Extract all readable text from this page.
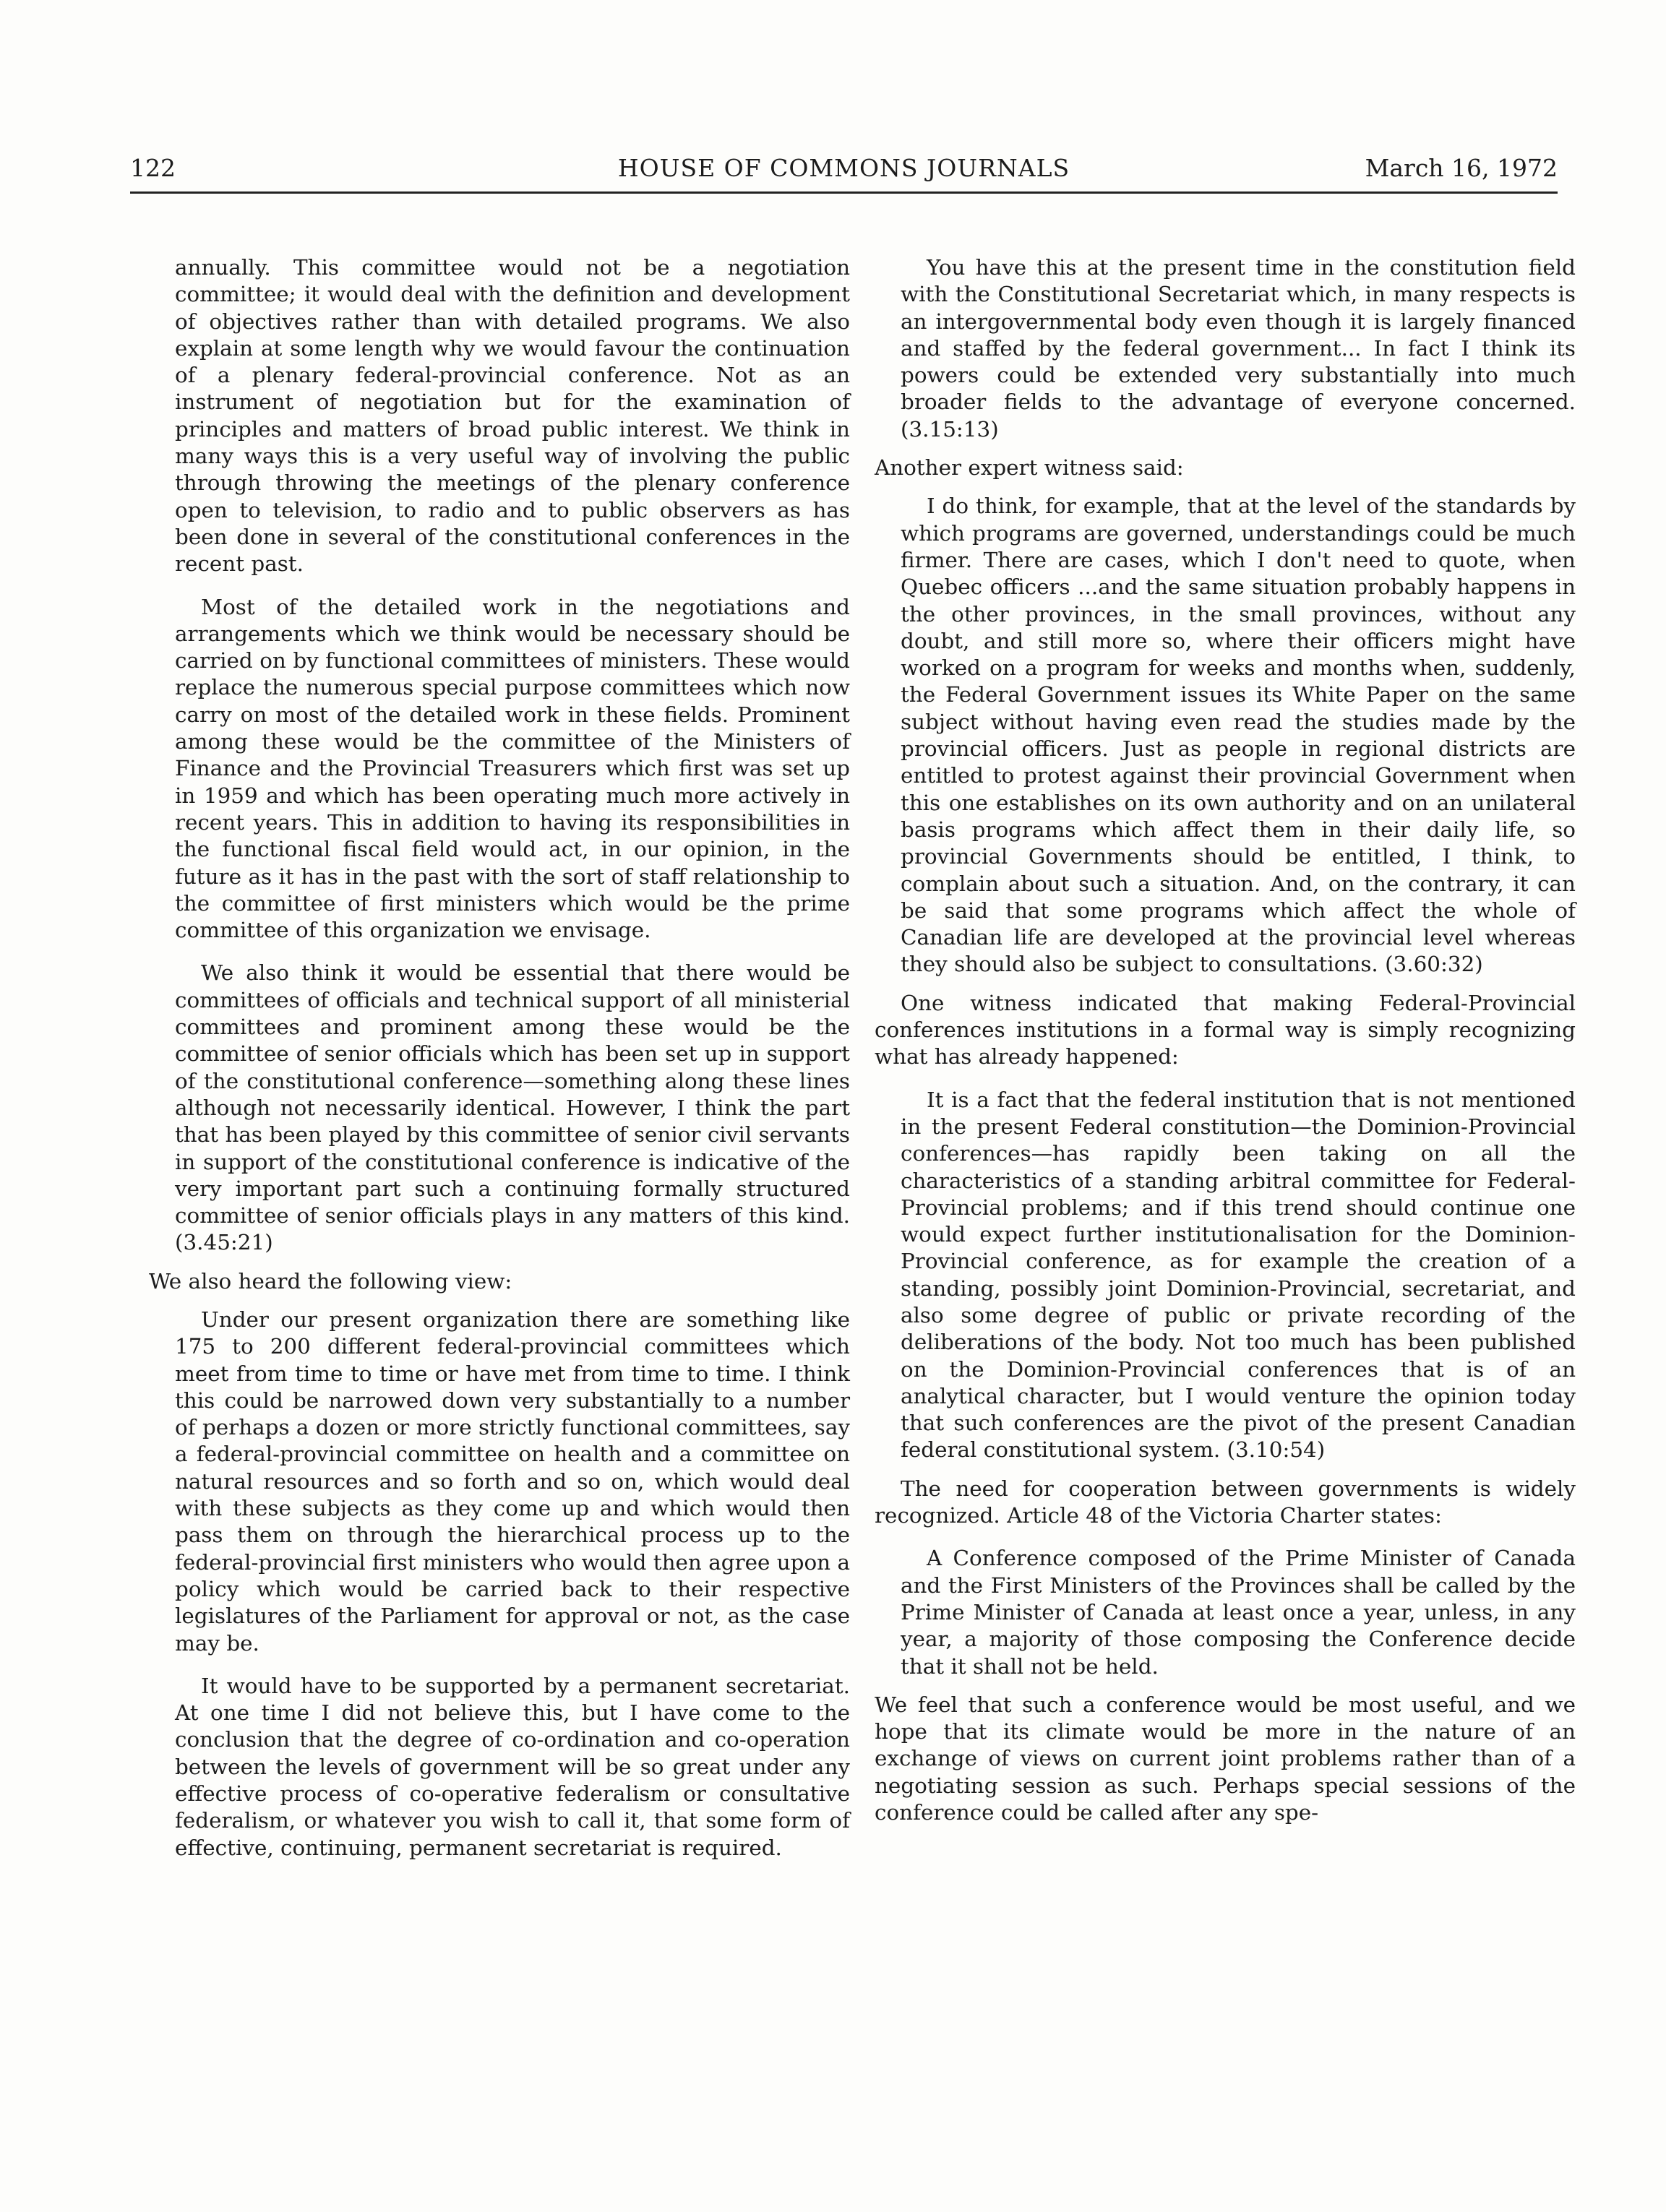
122	HOUSE OF COMMONS JOURNALS	March 16, 1972

annually. This committee would not be a negotiation committee; it would deal with the definition and development of objectives rather than with detailed programs. We also explain at some length why we would favour the continuation of a plenary federal-provincial conference. Not as an instrument of negotiation but for the examination of principles and matters of broad public interest. We think in many ways this is a very useful way of involving the public through throwing the meetings of the plenary conference open to television, to radio and to public observers as has been done in several of the constitutional conferences in the recent past.

Most of the detailed work in the negotiations and arrangements which we think would be necessary should be carried on by functional committees of ministers. These would replace the numerous special purpose committees which now carry on most of the detailed work in these fields. Prominent among these would be the committee of the Ministers of Finance and the Provincial Treasurers which first was set up in 1959 and which has been operating much more actively in recent years. This in addition to having its responsibilities in the functional fiscal field would act, in our opinion, in the future as it has in the past with the sort of staff relationship to the committee of first ministers which would be the prime committee of this organization we envisage.

We also think it would be essential that there would be committees of officials and technical support of all ministerial committees and prominent among these would be the committee of senior officials which has been set up in support of the constitutional conference—something along these lines although not necessarily identical. However, I think the part that has been played by this committee of senior civil servants in support of the constitutional conference is indicative of the very important part such a continuing formally structured committee of senior officials plays in any matters of this kind. (3.45:21)

We also heard the following view:

Under our present organization there are something like 175 to 200 different federal-provincial committees which meet from time to time or have met from time to time. I think this could be narrowed down very substantially to a number of perhaps a dozen or more strictly functional committees, say a federal-provincial committee on health and a committee on natural resources and so forth and so on, which would deal with these subjects as they come up and which would then pass them on through the hierarchical process up to the federal-provincial first ministers who would then agree upon a policy which would be carried back to their respective legislatures of the Parliament for approval or not, as the case may be.

It would have to be supported by a permanent secretariat. At one time I did not believe this, but I have come to the conclusion that the degree of co-ordination and co-operation between the levels of government will be so great under any effective process of co-operative federalism or consultative federalism, or whatever you wish to call it, that some form of effective, continuing, permanent secretariat is required.

You have this at the present time in the constitution field with the Constitutional Secretariat which, in many respects is an intergovernmental body even though it is largely financed and staffed by the federal government... In fact I think its powers could be extended very substantially into much broader fields to the advantage of everyone concerned. (3.15:13)

Another expert witness said:

I do think, for example, that at the level of the standards by which programs are governed, understandings could be much firmer. There are cases, which I don't need to quote, when Quebec officers ...and the same situation probably happens in the other provinces, in the small provinces, without any doubt, and still more so, where their officers might have worked on a program for weeks and months when, suddenly, the Federal Government issues its White Paper on the same subject without having even read the studies made by the provincial officers. Just as people in regional districts are entitled to protest against their provincial Government when this one establishes on its own authority and on an unilateral basis programs which affect them in their daily life, so provincial Governments should be entitled, I think, to complain about such a situation. And, on the contrary, it can be said that some programs which affect the whole of Canadian life are developed at the provincial level whereas they should also be subject to consultations. (3.60:32)

One witness indicated that making Federal-Provincial conferences institutions in a formal way is simply recognizing what has already happened:

It is a fact that the federal institution that is not mentioned in the present Federal constitution—the Dominion-Provincial conferences—has rapidly been taking on all the characteristics of a standing arbitral committee for Federal-Provincial problems; and if this trend should continue one would expect further institutionalisation for the Dominion-Provincial conference, as for example the creation of a standing, possibly joint Dominion-Provincial, secretariat, and also some degree of public or private recording of the deliberations of the body. Not too much has been published on the Dominion-Provincial conferences that is of an analytical character, but I would venture the opinion today that such conferences are the pivot of the present Canadian federal constitutional system. (3.10:54)

The need for cooperation between governments is widely recognized. Article 48 of the Victoria Charter states:

A Conference composed of the Prime Minister of Canada and the First Ministers of the Provinces shall be called by the Prime Minister of Canada at least once a year, unless, in any year, a majority of those composing the Conference decide that it shall not be held.

We feel that such a conference would be most useful, and we hope that its climate would be more in the nature of an exchange of views on current joint problems rather than of a negotiating session as such. Perhaps special sessions of the conference could be called after any spe-
